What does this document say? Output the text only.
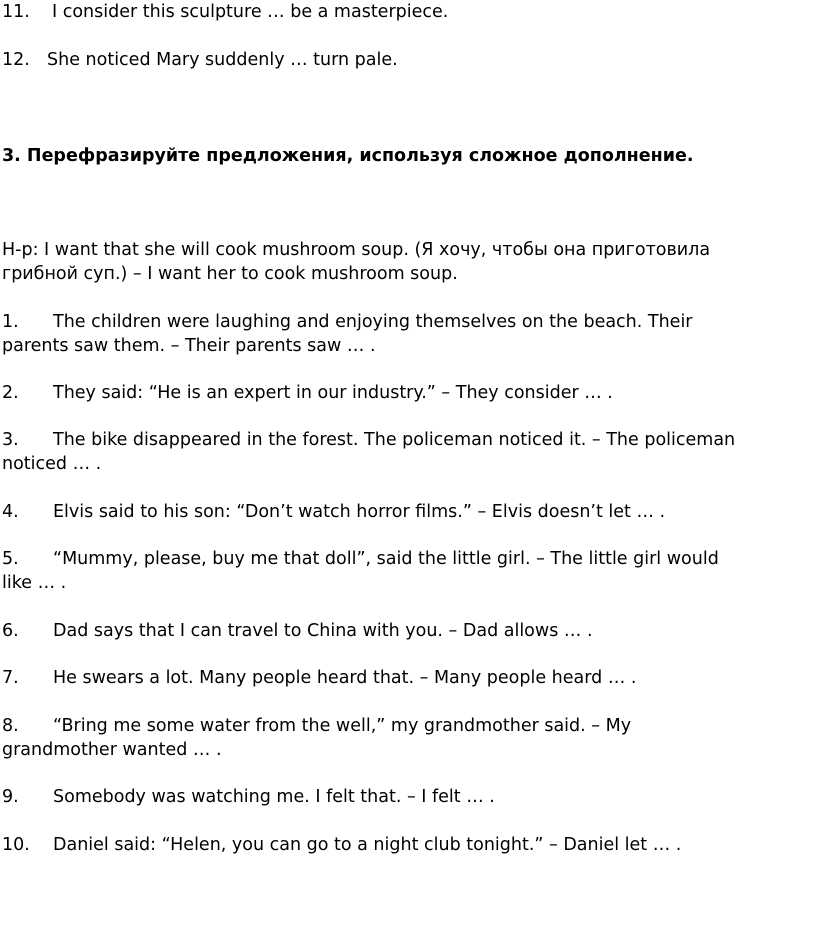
11. I consider this sculpture … be a masterpiece.
12. She noticed Mary suddenly … turn pale.
3. Перефразируйте предложения, используя сложное дополнение.
Н-р: I want that she will cook mushroom soup. (Я хочу, чтобы она приготовила
грибной суп.) – I want her to cook mushroom soup.
1. The children were laughing and enjoying themselves on the beach. Their
parents saw them. – Their parents saw … .
2. They said: “He is an expert in our industry.” – They consider … .
3. The bike disappeared in the forest. The policeman noticed it. – The policeman
noticed … .
4. Elvis said to his son: “Don’t watch horror films.” – Elvis doesn’t let … .
5. “Mummy, please, buy me that doll”, said the little girl. – The little girl would
like … .
6. Dad says that I can travel to China with you. – Dad allows … .
7. He swears a lot. Many people heard that. – Many people heard … .
8. “Bring me some water from the well,” my grandmother said. – My
grandmother wanted … .
9. Somebody was watching me. I felt that. – I felt … .
10. Daniel said: “Helen, you can go to a night club tonight.” – Daniel let … .
